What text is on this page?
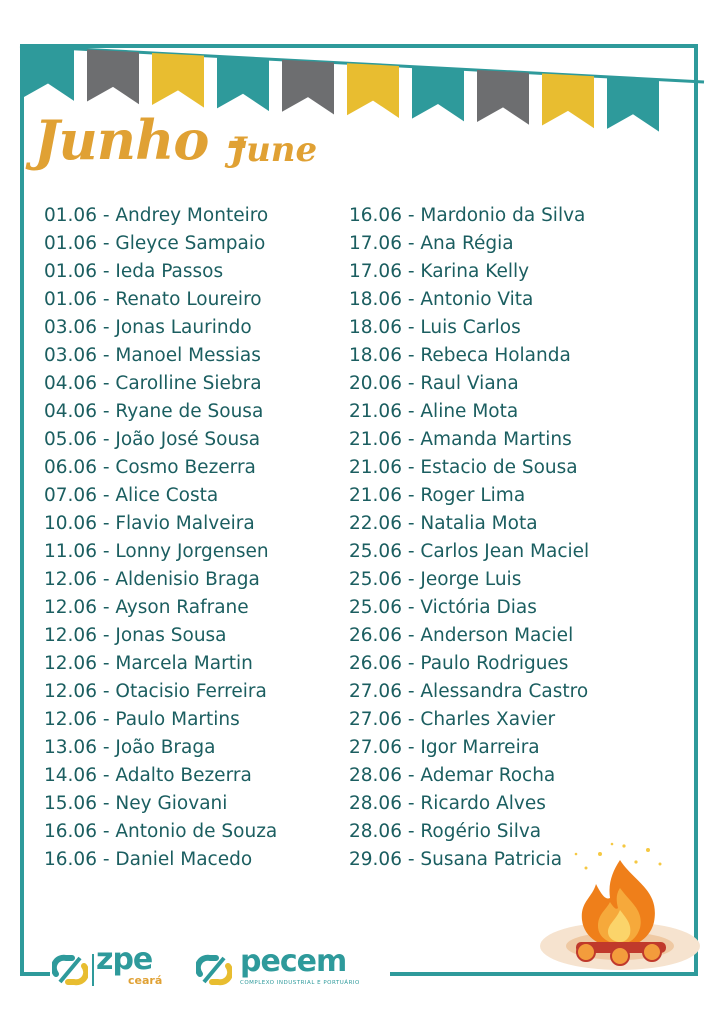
Junho -
June
01.06 - Andrey Monteiro
01.06 - Gleyce Sampaio
01.06 - Ieda Passos
01.06 - Renato Loureiro
03.06 - Jonas Laurindo
03.06 - Manoel Messias
04.06 - Carolline Siebra
04.06 - Ryane de Sousa
05.06 - João José Sousa
06.06 - Cosmo Bezerra
07.06 - Alice Costa
10.06 - Flavio Malveira
11.06 - Lonny Jorgensen
12.06 - Aldenisio Braga
12.06 - Ayson Rafrane
12.06 - Jonas Sousa
12.06 - Marcela Martin
12.06 - Otacisio Ferreira
12.06 - Paulo Martins
13.06 - João Braga
14.06 - Adalto Bezerra
15.06 - Ney Giovani
16.06 - Antonio de Souza
16.06 - Daniel Macedo
16.06 - Mardonio da Silva
17.06 - Ana Régia
17.06 - Karina Kelly
18.06 - Antonio Vita
18.06 - Luis Carlos
18.06 - Rebeca Holanda
20.06 - Raul Viana
21.06 - Aline Mota
21.06 - Amanda Martins
21.06 - Estacio de Sousa
21.06 - Roger Lima
22.06 - Natalia Mota
25.06 - Carlos Jean Maciel
25.06 - Jeorge Luis
25.06 - Victória Dias
26.06 - Anderson Maciel
26.06 - Paulo Rodrigues
27.06 - Alessandra Castro
27.06 - Charles Xavier
27.06 - Igor Marreira
28.06 - Ademar Rocha
28.06 - Ricardo Alves
28.06 - Rogério Silva
29.06 - Susana Patricia
zpe
ceará
pecem
COMPLEXO INDUSTRIAL E PORTUÁRIO
